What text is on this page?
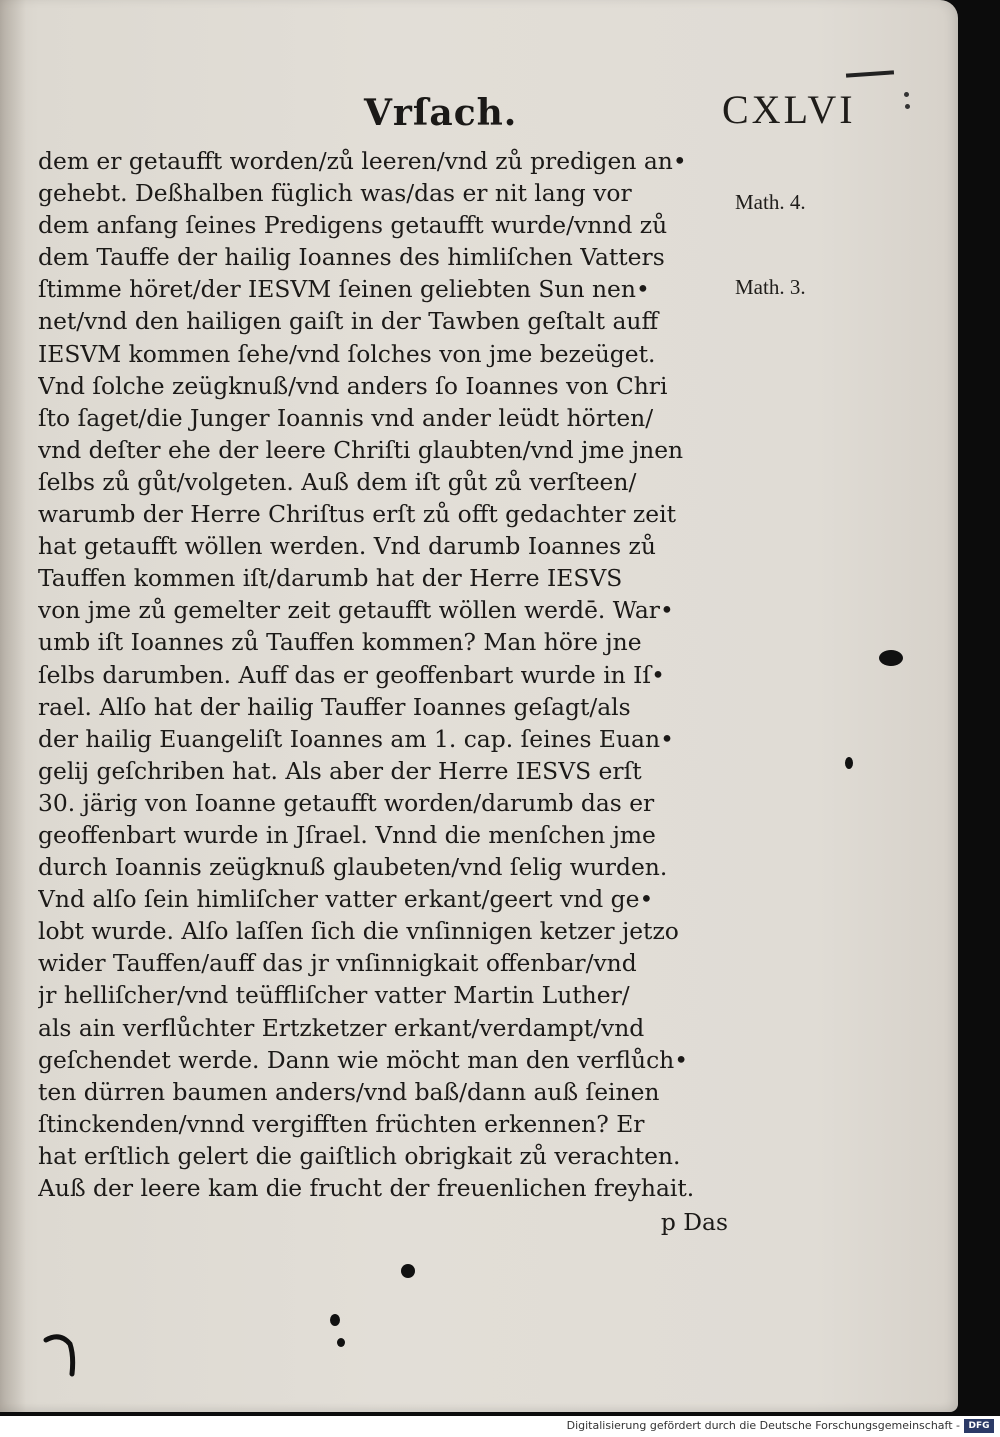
Vrſach.	CXLVI
Math. 4.
Math. 3.
dem er getaufft worden/zů leeren/vnd zů predigen an•
gehebt. Deßhalben füglich was/das er nit lang vor
dem anfang ſeines Predigens getaufft wurde/vnnd zů
dem Tauffe der hailig Ioannes des himliſchen Vatters
ſtimme höret/der IESVM ſeinen geliebten Sun nen•
net/vnd den hailigen gaiſt in der Tawben geſtalt auff
IESVM kommen ſehe/vnd ſolches von jme bezeüget.
Vnd ſolche zeügknuß/vnd anders ſo Ioannes von Chri
ſto ſaget/die Junger Ioannis vnd ander leüdt hörten/
vnd deſter ehe der leere Chriſti glaubten/vnd jme jnen
ſelbs zů gůt/volgeten. Auß dem iſt gůt zů verſteen/
warumb der Herre Chriſtus erſt zů offt gedachter zeit
hat getaufft wöllen werden. Vnd darumb Ioannes zů
Tauffen kommen iſt/darumb hat der Herre IESVS
von jme zů gemelter zeit getaufft wöllen werdē. War•
umb iſt Ioannes zů Tauffen kommen? Man höre jne
ſelbs darumben. Auff das er geoffenbart wurde in Iſ•
rael. Alſo hat der hailig Tauffer Ioannes geſagt/als
der hailig Euangeliſt Ioannes am 1. cap. ſeines Euan•
gelij geſchriben hat. Als aber der Herre IESVS erſt
30. järig von Ioanne getaufft worden/darumb das er
geoffenbart wurde in Jſrael. Vnnd die menſchen jme
durch Ioannis zeügknuß glaubeten/vnd ſelig wurden.
Vnd alſo ſein himliſcher vatter erkant/geert vnd ge•
lobt wurde. Alſo laſſen ſich die vnſinnigen ketzer jetzo
wider Tauffen/auff das jr vnſinnigkait offenbar/vnd
jr helliſcher/vnd teüffliſcher vatter Martin Luther/
als ain verflůchter Ertzketzer erkant/verdampt/vnd
geſchendet werde. Dann wie möcht man den verflůch•
ten dürren baumen anders/vnd baß/dann auß ſeinen
ſtinckenden/vnnd vergifften früchten erkennen? Er
hat erſtlich gelert die gaiſtlich obrigkait zů verachten.
Auß der leere kam die frucht der freuenlichen freyhait.
p Das
Digitalisierung gefördert durch die Deutsche Forschungsgemeinschaft - DFG
